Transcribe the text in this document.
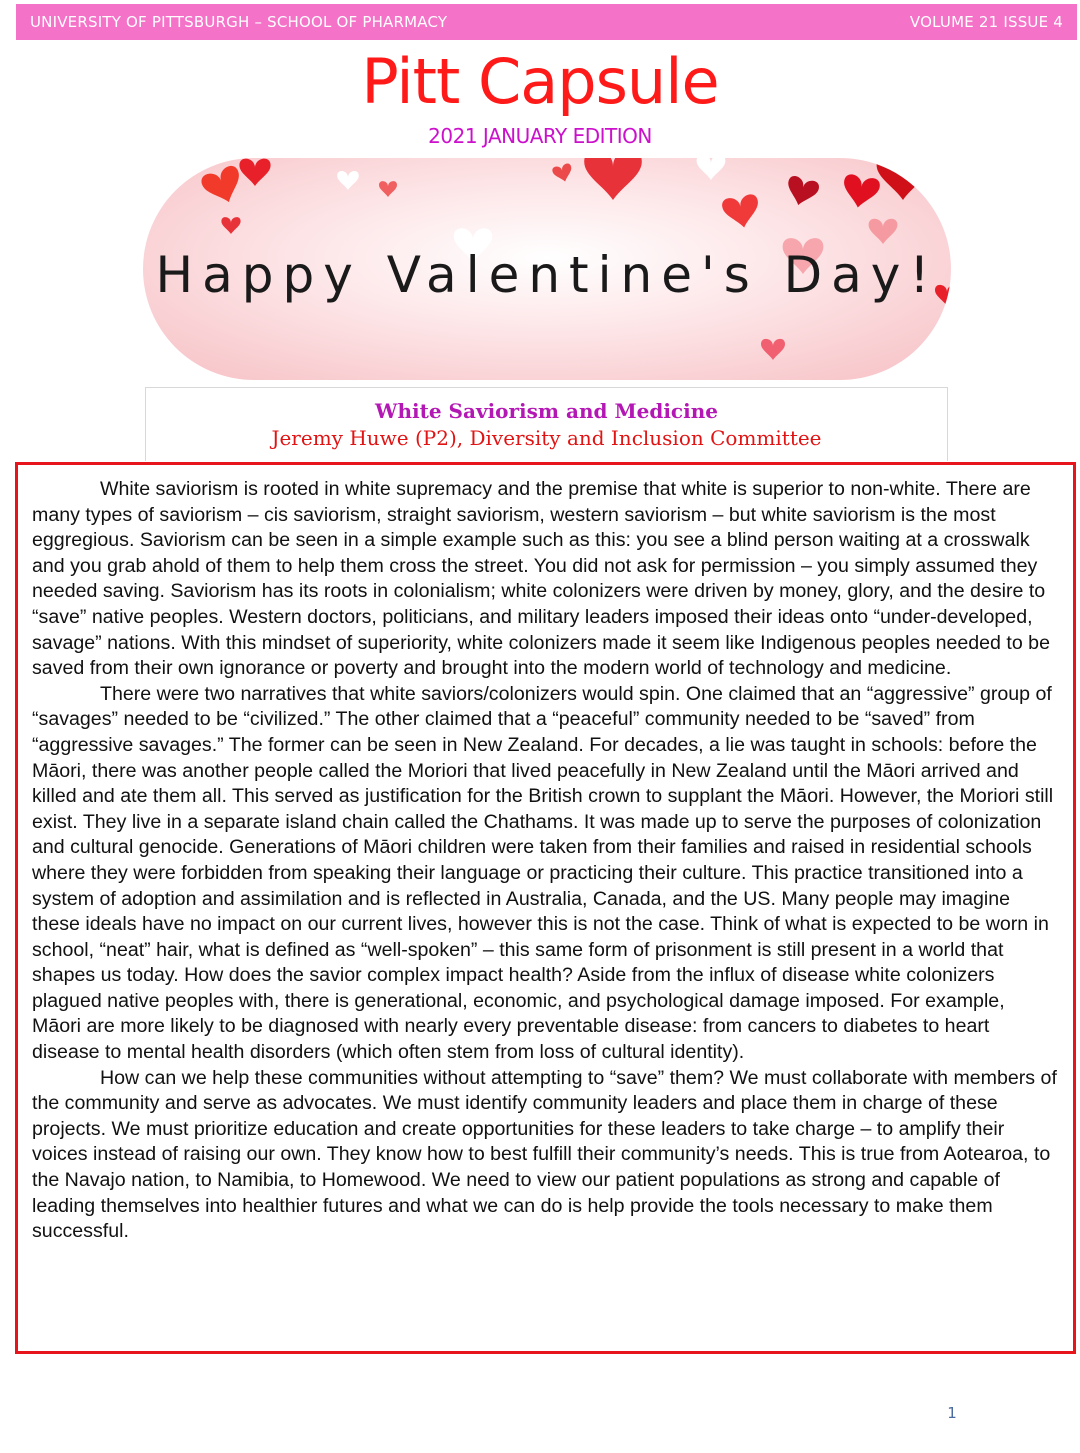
UNIVERSITY OF PITTSBURGH – SCHOOL OF PHARMACY	VOLUME 21 ISSUE 4
Pitt Capsule
2021 JANUARY EDITION
Happy Valentine's Day!
White Saviorism and Medicine
Jeremy Huwe (P2), Diversity and Inclusion Committee

White saviorism is rooted in white supremacy and the premise that white is superior to non-white. There are many types of saviorism – cis saviorism, straight saviorism, western saviorism – but white saviorism is the most eggregious. Saviorism can be seen in a simple example such as this: you see a blind person waiting at a crosswalk and you grab ahold of them to help them cross the street. You did not ask for permission – you simply assumed they needed saving. Saviorism has its roots in colonialism; white colonizers were driven by money, glory, and the desire to “save” native peoples. Western doctors, politicians, and military leaders imposed their ideas onto “under-developed, savage” nations. With this mindset of superiority, white colonizers made it seem like Indigenous peoples needed to be saved from their own ignorance or poverty and brought into the modern world of technology and medicine.

There were two narratives that white saviors/colonizers would spin. One claimed that an “aggressive” group of “savages” needed to be “civilized.” The other claimed that a “peaceful” community needed to be “saved” from “aggressive savages.” The former can be seen in New Zealand. For decades, a lie was taught in schools: before the Māori, there was another people called the Moriori that lived peacefully in New Zealand until the Māori arrived and killed and ate them all. This served as justification for the British crown to supplant the Māori. However, the Moriori still exist. They live in a separate island chain called the Chathams. It was made up to serve the purposes of colonization and cultural genocide. Generations of Māori children were taken from their families and raised in residential schools where they were forbidden from speaking their language or practicing their culture. This practice transitioned into a system of adoption and assimilation and is reflected in Australia, Canada, and the US. Many people may imagine these ideals have no impact on our current lives, however this is not the case. Think of what is expected to be worn in school, “neat” hair, what is defined as “well-spoken” – this same form of prisonment is still present in a world that shapes us today. How does the savior complex impact health? Aside from the influx of disease white colonizers plagued native peoples with, there is generational, economic, and psychological damage imposed. For example, Māori are more likely to be diagnosed with nearly every preventable disease: from cancers to diabetes to heart disease to mental health disorders (which often stem from loss of cultural identity).

How can we help these communities without attempting to “save” them? We must collaborate with members of the community and serve as advocates. We must identify community leaders and place them in charge of these projects. We must prioritize education and create opportunities for these leaders to take charge – to amplify their voices instead of raising our own. They know how to best fulfill their community’s needs. This is true from Aotearoa, to the Navajo nation, to Namibia, to Homewood. We need to view our patient populations as strong and capable of leading themselves into healthier futures and what we can do is help provide the tools necessary to make them successful.

1
